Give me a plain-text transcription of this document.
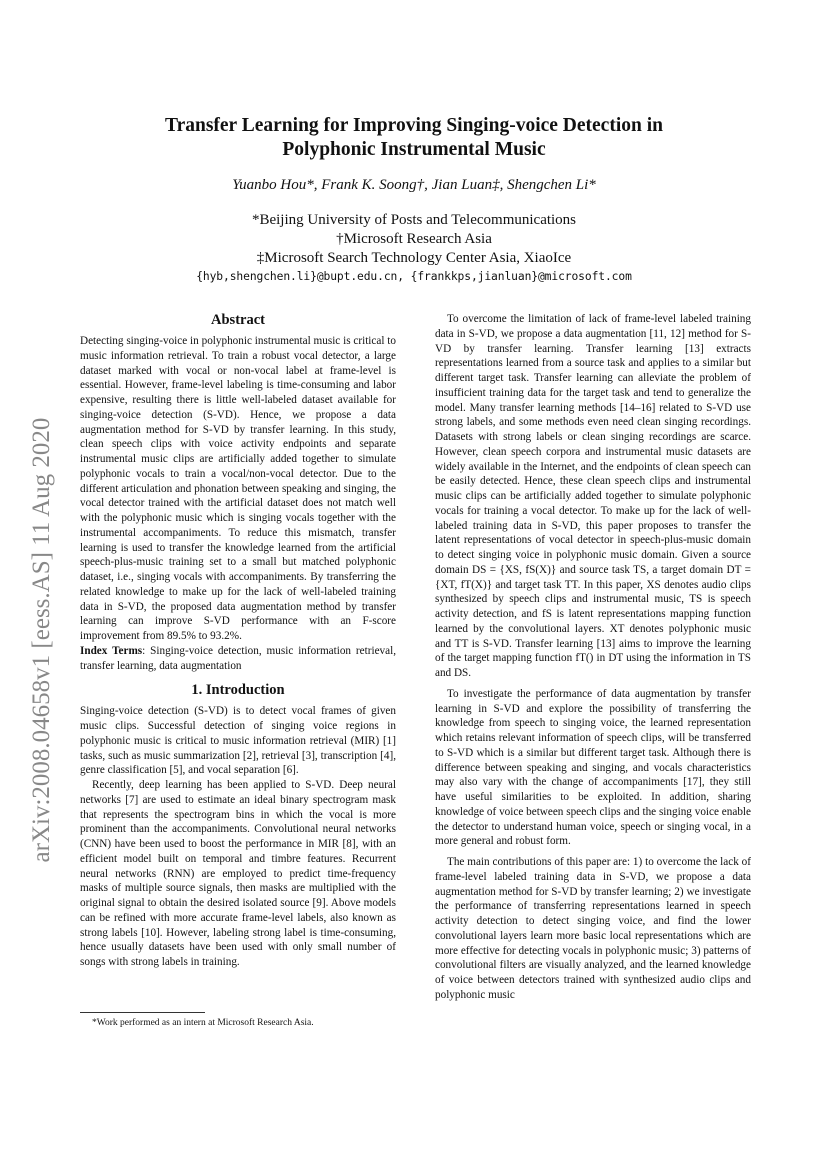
arXiv:2008.04658v1 [eess.AS] 11 Aug 2020
Transfer Learning for Improving Singing-voice Detection in
Polyphonic Instrumental Music
Yuanbo Hou*, Frank K. Soong†, Jian Luan‡, Shengchen Li*
*Beijing University of Posts and Telecommunications
†Microsoft Research Asia
‡Microsoft Search Technology Center Asia, XiaoIce
{hyb,shengchen.li}@bupt.edu.cn, {frankkps,jianluan}@microsoft.com
Abstract

Detecting singing-voice in polyphonic instrumental music is critical to music information retrieval. To train a robust vocal detector, a large dataset marked with vocal or non-vocal label at frame-level is essential. However, frame-level labeling is time-consuming and labor expensive, resulting there is little well-labeled dataset available for singing-voice detection (S-VD). Hence, we propose a data augmentation method for S-VD by transfer learning. In this study, clean speech clips with voice activity endpoints and separate instrumental music clips are artificially added together to simulate polyphonic vocals to train a vocal/non-vocal detector. Due to the different articulation and phonation between speaking and singing, the vocal detector trained with the artificial dataset does not match well with the polyphonic music which is singing vocals together with the instrumental accompaniments. To reduce this mismatch, transfer learning is used to transfer the knowledge learned from the artificial speech-plus-music training set to a small but matched polyphonic dataset, i.e., singing vocals with accompaniments. By transferring the related knowledge to make up for the lack of well-labeled training data in S-VD, the proposed data augmentation method by transfer learning can improve S-VD performance with an F-score improvement from 89.5% to 93.2%.

Index Terms: Singing-voice detection, music information retrieval, transfer learning, data augmentation

1. Introduction

Singing-voice detection (S-VD) is to detect vocal frames of given music clips. Successful detection of singing voice regions in polyphonic music is critical to music information retrieval (MIR) [1] tasks, such as music summarization [2], retrieval [3], transcription [4], genre classification [5], and vocal separation [6].

Recently, deep learning has been applied to S-VD. Deep neural networks [7] are used to estimate an ideal binary spectrogram mask that represents the spectrogram bins in which the vocal is more prominent than the accompaniments. Convolutional neural networks (CNN) have been used to boost the performance in MIR [8], with an efficient model built on temporal and timbre features. Recurrent neural networks (RNN) are employed to predict time-frequency masks of multiple source signals, then masks are multiplied with the original signal to obtain the desired isolated source [9]. Above models can be refined with more accurate frame-level labels, also known as strong labels [10]. However, labeling strong label is time-consuming, hence usually datasets have been used with only small number of songs with strong labels in training.

*Work performed as an intern at Microsoft Research Asia.

To overcome the limitation of lack of frame-level labeled training data in S-VD, we propose a data augmentation [11, 12] method for S-VD by transfer learning. Transfer learning [13] extracts representations learned from a source task and applies to a similar but different target task. Transfer learning can alleviate the problem of insufficient training data for the target task and tend to generalize the model. Many transfer learning methods [14–16] related to S-VD use strong labels, and some methods even need clean singing recordings. Datasets with strong labels or clean singing recordings are scarce. However, clean speech corpora and instrumental music datasets are widely available in the Internet, and the endpoints of clean speech can be easily detected. Hence, these clean speech clips and instrumental music clips can be artificially added together to simulate polyphonic vocals for training a vocal detector. To make up for the lack of well-labeled training data in S-VD, this paper proposes to transfer the latent representations of vocal detector in speech-plus-music domain to detect singing voice in polyphonic music domain. Given a source domain DS = {XS, fS(X)} and source task TS, a target domain DT = {XT, fT(X)} and target task TT. In this paper, XS denotes audio clips synthesized by speech clips and instrumental music, TS is speech activity detection, and fS is latent representations mapping function learned by the convolutional layers. XT denotes polyphonic music and TT is S-VD. Transfer learning [13] aims to improve the learning of the target mapping function fT() in DT using the information in TS and DS.

To investigate the performance of data augmentation by transfer learning in S-VD and explore the possibility of transferring the knowledge from speech to singing voice, the learned representation which retains relevant information of speech clips, will be transferred to S-VD which is a similar but different target task. Although there is difference between speaking and singing, and vocals characteristics may also vary with the change of accompaniments [17], they still have useful similarities to be exploited. In addition, sharing knowledge of voice between speech clips and the singing voice enable the detector to understand human voice, speech or singing vocal, in a more general and robust form.

The main contributions of this paper are: 1) to overcome the lack of frame-level labeled training data in S-VD, we propose a data augmentation method for S-VD by transfer learning; 2) we investigate the performance of transferring representations learned in speech activity detection to detect singing voice, and find the lower convolutional layers learn more basic local representations which are more effective for detecting vocals in polyphonic music; 3) patterns of convolutional filters are visually analyzed, and the learned knowledge of voice between detectors trained with synthesized audio clips and polyphonic music
